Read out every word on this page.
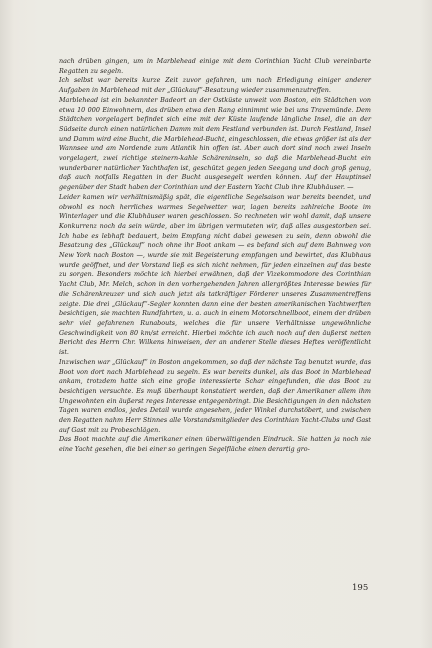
nach drüben gingen, um in Marblehead einige mit dem Corinthian Yacht Club vereinbarte Regatten zu segeln.

Ich selbst war bereits kurze Zeit zuvor gefahren, um nach Erledigung einiger anderer Aufgaben in Marblehead mit der „Glückauf“-Besatzung wieder zusammenzutreffen.

Marblehead ist ein bekannter Badeort an der Ostküste unweit von Boston, ein Städtchen von etwa 10 000 Einwohnern, das drüben etwa den Rang einnimmt wie bei uns Travemünde. Dem Städtchen vorgelagert befindet sich eine mit der Küste laufende längliche Insel, die an der Südseite durch einen natürlichen Damm mit dem Festland verbunden ist. Durch Festland, Insel und Damm wird eine Bucht, die Marblehead-Bucht, eingeschlossen, die etwas größer ist als der Wannsee und am Nordende zum Atlantik hin offen ist. Aber auch dort sind noch zwei Inseln vorgelagert, zwei richtige steinern-kahle Schäreninseln, so daß die Marblehead-Bucht ein wunderbarer natürlicher Yachthafen ist, geschützt gegen jeden Seegang und doch groß genug, daß auch notfalls Regatten in der Bucht ausgesegelt werden können. Auf der Hauptinsel gegenüber der Stadt haben der Corinthian und der Eastern Yacht Club ihre Klubhäuser. —

Leider kamen wir verhältnismäßig spät, die eigentliche Segelsaison war bereits beendet, und obwohl es noch herrliches warmes Segelwetter war, lagen bereits zahlreiche Boote im Winterlager und die Klubhäuser waren geschlossen. So rechneten wir wohl damit, daß unsere Konkurrenz noch da sein würde, aber im übrigen vermuteten wir, daß alles ausgestorben sei. Ich habe es lebhaft bedauert, beim Empfang nicht dabei gewesen zu sein, denn obwohl die Besatzung des „Glückauf“ noch ohne ihr Boot ankam — es befand sich auf dem Bahnweg von New York nach Boston —, wurde sie mit Begeisterung empfangen und bewirtet, das Klubhaus wurde geöffnet, und der Vorstand ließ es sich nicht nehmen, für jeden einzelnen auf das beste zu sorgen. Besonders möchte ich hierbei erwähnen, daß der Vizekommodore des Corinthian Yacht Club, Mr. Melch, schon in den vorhergehenden Jahren allergrößtes Interesse bewies für die Schärenkreuzer und sich auch jetzt als tatkräftiger Förderer unseres Zusammentreffens zeigte. Die drei „Glückauf“-Segler konnten dann eine der besten amerikanischen Yachtwerften besichtigen, sie machten Rundfahrten, u. a. auch in einem Motorschnellboot, einem der drüben sehr viel gefahrenen Runabouts, welches die für unsere Verhältnisse ungewöhnliche Geschwindigkeit von 80 km/st erreicht. Hierbei möchte ich auch noch auf den äußerst netten Bericht des Herrn Chr. Wilkens hinweisen, der an anderer Stelle dieses Heftes veröffentlicht ist.

Inzwischen war „Glückauf“ in Boston angekommen, so daß der nächste Tag benutzt wurde, das Boot von dort nach Marblehead zu segeln. Es war bereits dunkel, als das Boot in Marblehead ankam, trotzdem hatte sich eine große interessierte Schar eingefunden, die das Boot zu besichtigen versuchte. Es muß überhaupt konstatiert werden, daß der Amerikaner allem ihm Ungewohnten ein äußerst reges Interesse entgegenbringt. Die Besichtigungen in den nächsten Tagen waren endlos, jedes Detail wurde angesehen, jeder Winkel durchstöbert, und zwischen den Regatten nahm Herr Stinnes alle Vorstandsmitglieder des Corinthian Yacht-Clubs und Gast auf Gast mit zu Probeschlägen.

Das Boot machte auf die Amerikaner einen überwältigenden Eindruck. Sie hatten ja noch nie eine Yacht gesehen, die bei einer so geringen Segelfläche einen derartig gro-

195
